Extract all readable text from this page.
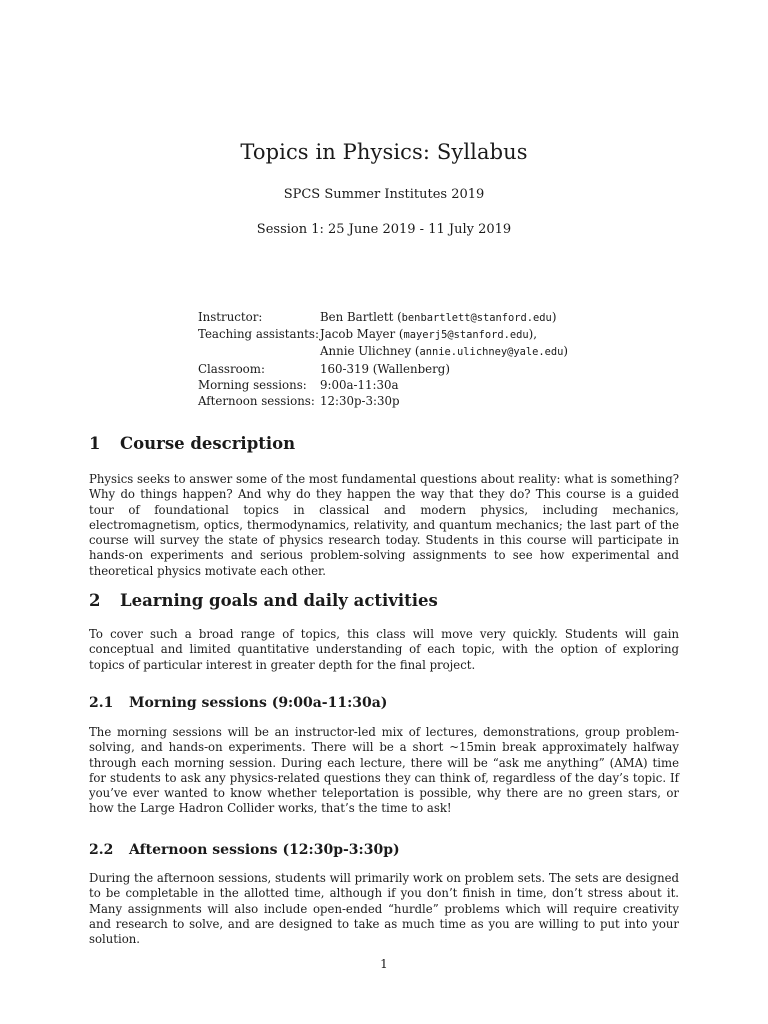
Topics in Physics: Syllabus
SPCS Summer Institutes 2019
Session 1: 25 June 2019 - 11 July 2019
Instructor:	Ben Bartlett (benbartlett@stanford.edu)
Teaching assistants: Jacob Mayer (mayerj5@stanford.edu),
Annie Ulichney (annie.ulichney@yale.edu)
Classroom:	160-319 (Wallenberg)
Morning sessions:	9:00a-11:30a
Afternoon sessions: 12:30p-3:30p
1 Course description
Physics seeks to answer some of the most fundamental questions about reality: what is something? Why do things happen? And why do they happen the way that they do? This course is a guided tour of foundational topics in classical and modern physics, including mechanics, electromagnetism, optics, thermodynamics, relativity, and quantum mechanics; the last part of the course will survey the state of physics research today. Students in this course will participate in hands-on experiments and serious problem-solving assignments to see how experimental and theoretical physics motivate each other.
2 Learning goals and daily activities
To cover such a broad range of topics, this class will move very quickly. Students will gain conceptual and limited quantitative understanding of each topic, with the option of exploring topics of particular interest in greater depth for the final project.
2.1 Morning sessions (9:00a-11:30a)
The morning sessions will be an instructor-led mix of lectures, demonstrations, group problem-solving, and hands-on experiments. There will be a short ~15min break approximately halfway through each morning session. During each lecture, there will be “ask me anything” (AMA) time for students to ask any physics-related questions they can think of, regardless of the day’s topic. If you’ve ever wanted to know whether teleportation is possible, why there are no green stars, or how the Large Hadron Collider works, that’s the time to ask!
2.2 Afternoon sessions (12:30p-3:30p)
During the afternoon sessions, students will primarily work on problem sets. The sets are designed to be completable in the allotted time, although if you don’t finish in time, don’t stress about it. Many assignments will also include open-ended “hurdle” problems which will require creativity and research to solve, and are designed to take as much time as you are willing to put into your solution.
1
